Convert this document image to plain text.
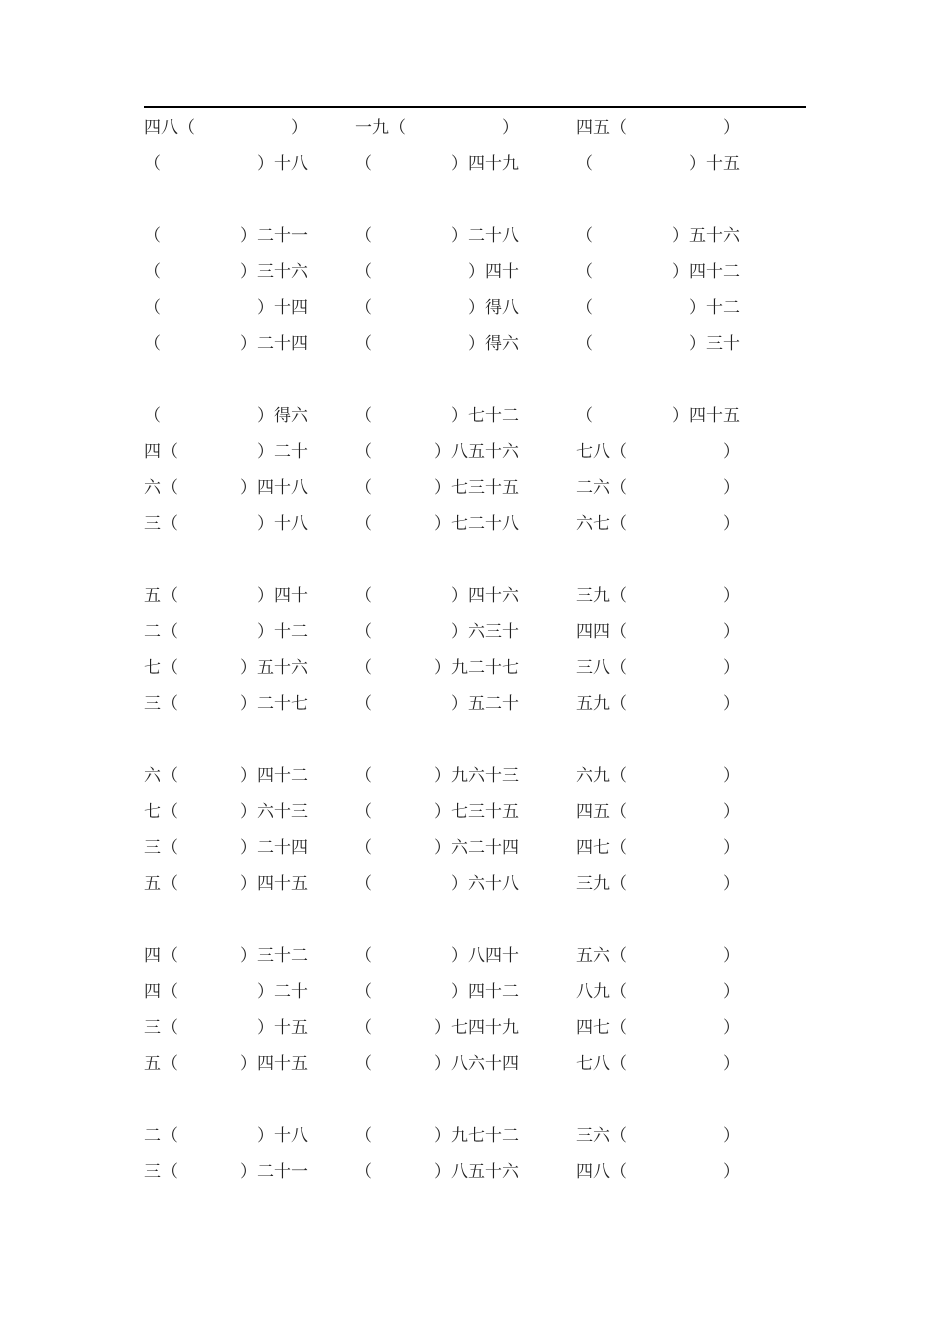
四八（	）	一九（	）	四五（	）
（	）十八	（	）四十九	（	）十五
（	）二十一	（	）二十八	（	）五十六
（	）三十六	（	）四十	（	）四十二
（	）十四	（	）得八	（	）十二
（	）二十四	（	）得六	（	）三十
（	）得六	（	）七十二	（	）四十五
四（	）二十	（	）八五十六	七八（	）
六（	）四十八	（	）七三十五	二六（	）
三（	）十八	（	）七二十八	六七（	）
五（	）四十	（	）四十六	三九（	）
二（	）十二	（	）六三十	四四（	）
七（	）五十六	（	）九二十七	三八（	）
三（	）二十七	（	）五二十	五九（	）
六（	）四十二	（	）九六十三	六九（	）
七（	）六十三	（	）七三十五	四五（	）
三（	）二十四	（	）六二十四	四七（	）
五（	）四十五	（	）六十八	三九（	）
四（	）三十二	（	）八四十	五六（	）
四（	）二十	（	）四十二	八九（	）
三（	）十五	（	）七四十九	四七（	）
五（	）四十五	（	）八六十四	七八（	）
二（	）十八	（	）九七十二	三六（	）
三（	）二十一	（	）八五十六	四八（	）
